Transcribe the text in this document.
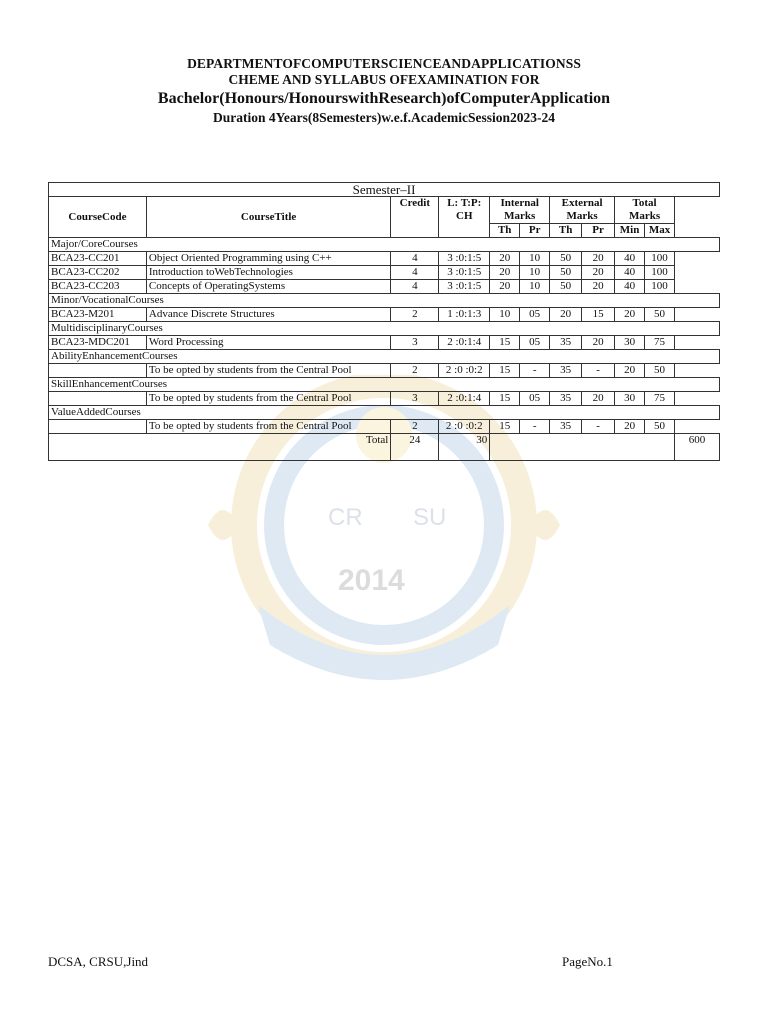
DEPARTMENTOFCOMPUTERSCIENCEANDAPPLICATIONSS
CHEME AND SYLLABUS OFEXAMINATION FOR
Bachelor(Honours/HonourswithResearch)ofComputerApplication
Duration 4Years(8Semesters)w.e.f.AcademicSession2023-24
CR SU
2014
Semester–II										
CourseCode	CourseTitle	Credit	L: T:P: CH	Internal Marks		External Marks		Total Marks		
				Th	Pr	Th	Pr	Min	Max	
Major/CoreCourses										
BCA23-CC201	Object Oriented Programming using C++	4	3 :0:1:5	20	10	50	20	40	100	
BCA23-CC202	Introduction toWebTechnologies	4	3 :0:1:5	20	10	50	20	40	100	
BCA23-CC203	Concepts of OperatingSystems	4	3 :0:1:5	20	10	50	20	40	100	
Minor/VocationalCourses										
BCA23-M201	Advance Discrete Structures	2	1 :0:1:3	10	05	20	15	20	50	
MultidisciplinaryCourses										
BCA23-MDC201	Word Processing	3	2 :0:1:4	15	05	35	20	30	75	
AbilityEnhancementCourses										
	To be opted by students from the Central Pool	2	2 :0 :0:2	15	-	35	-	20	50	
SkillEnhancementCourses										
	To be opted by students from the Central Pool	3	2 :0:1:4	15	05	35	20	30	75	
ValueAddedCourses										
	To be opted by students from the Central Pool	2	2 :0 :0:2	15	-	35	-	20	50	
Total		24	30							600
DCSA, CRSU,Jind	PageNo.1
